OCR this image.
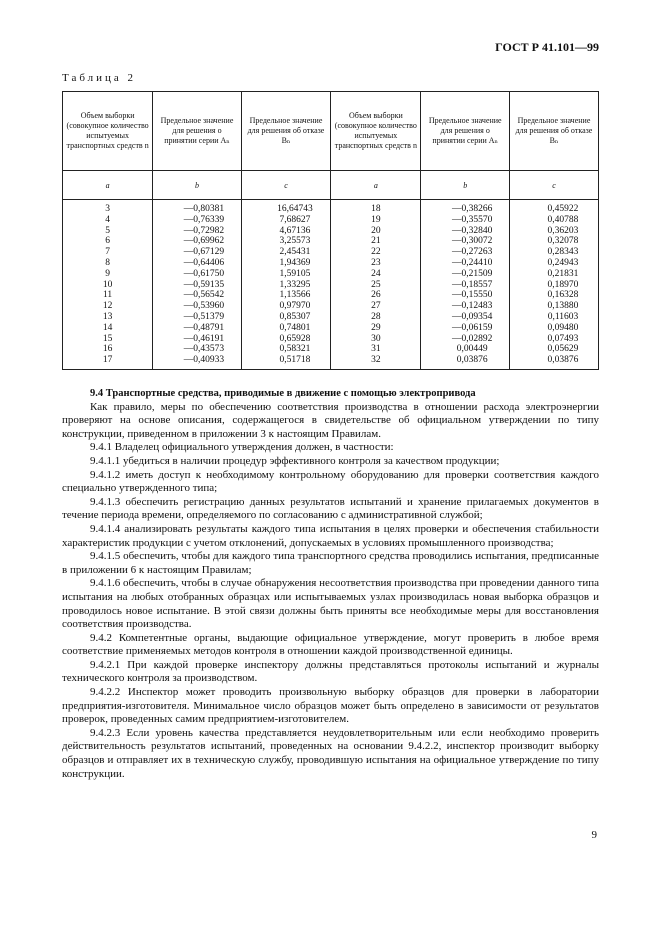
ГОСТ Р 41.101—99
Таблица 2
Объем выборки (совокупное количество испытуемых транспортных средств n	Предельное значение для решения о принятии серии Aₙ	Предельное значение для решения об отказе Bₙ	Объем выборки (совокупное количество испытуемых транспортных средств n	Предельное значение для решения о принятии серии Aₙ	Предельное значение для решения об отказе Bₙ
a	b	c	a	b	c
3	—0,80381	16,64743	18	—0,38266	0,45922
4	—0,76339	7,68627	19	—0,35570	0,40788
5	—0,72982	4,67136	20	—0,32840	0,36203
6	—0,69962	3,25573	21	—0,30072	0,32078
7	—0,67129	2,45431	22	—0,27263	0,28343
8	—0,64406	1,94369	23	—0,24410	0,24943
9	—0,61750	1,59105	24	—0,21509	0,21831
10	—0,59135	1,33295	25	—0,18557	0,18970
11	—0,56542	1,13566	26	—0,15550	0,16328
12	—0,53960	0,97970	27	—0,12483	0,13880
13	—0,51379	0,85307	28	—0,09354	0,11603
14	—0,48791	0,74801	29	—0,06159	0,09480
15	—0,46191	0,65928	30	—0,02892	0,07493
16	—0,43573	0,58321	31	0,00449	0,05629
17	—0,40933	0,51718	32	0,03876	0,03876

9.4 Транспортные средства, приводимые в движение с помощью электропривода

Как правило, меры по обеспечению соответствия производства в отношении расхода электроэнергии проверяют на основе описания, содержащегося в свидетельстве об официальном утверждении по типу конструкции, приведенном в приложении 3 к настоящим Правилам.

9.4.1 Владелец официального утверждения должен, в частности:

9.4.1.1 убедиться в наличии процедур эффективного контроля за качеством продукции;

9.4.1.2 иметь доступ к необходимому контрольному оборудованию для проверки соответствия каждого специально утвержденного типа;

9.4.1.3 обеспечить регистрацию данных результатов испытаний и хранение прилагаемых документов в течение периода времени, определяемого по согласованию с административной службой;

9.4.1.4 анализировать результаты каждого типа испытания в целях проверки и обеспечения стабильности характеристик продукции с учетом отклонений, допускаемых в условиях промышленного производства;

9.4.1.5 обеспечить, чтобы для каждого типа транспортного средства проводились испытания, предписанные в приложении 6 к настоящим Правилам;

9.4.1.6 обеспечить, чтобы в случае обнаружения несоответствия производства при проведении данного типа испытания на любых отобранных образцах или испытываемых узлах производилась новая выборка образцов и проводилось новое испытание. В этой связи должны быть приняты все необходимые меры для восстановления соответствия производства.

9.4.2 Компетентные органы, выдающие официальное утверждение, могут проверить в любое время соответствие применяемых методов контроля в отношении каждой производственной единицы.

9.4.2.1 При каждой проверке инспектору должны представляться протоколы испытаний и журналы технического контроля за производством.

9.4.2.2 Инспектор может проводить произвольную выборку образцов для проверки в лаборатории предприятия-изготовителя. Минимальное число образцов может быть определено в зависимости от результатов проверок, проведенных самим предприятием-изготовителем.

9.4.2.3 Если уровень качества представляется неудовлетворительным или если необходимо проверить действительность результатов испытаний, проведенных на основании 9.4.2.2, инспектор производит выборку образцов и отправляет их в техническую службу, проводившую испытания на официальное утверждение по типу конструкции.

9
